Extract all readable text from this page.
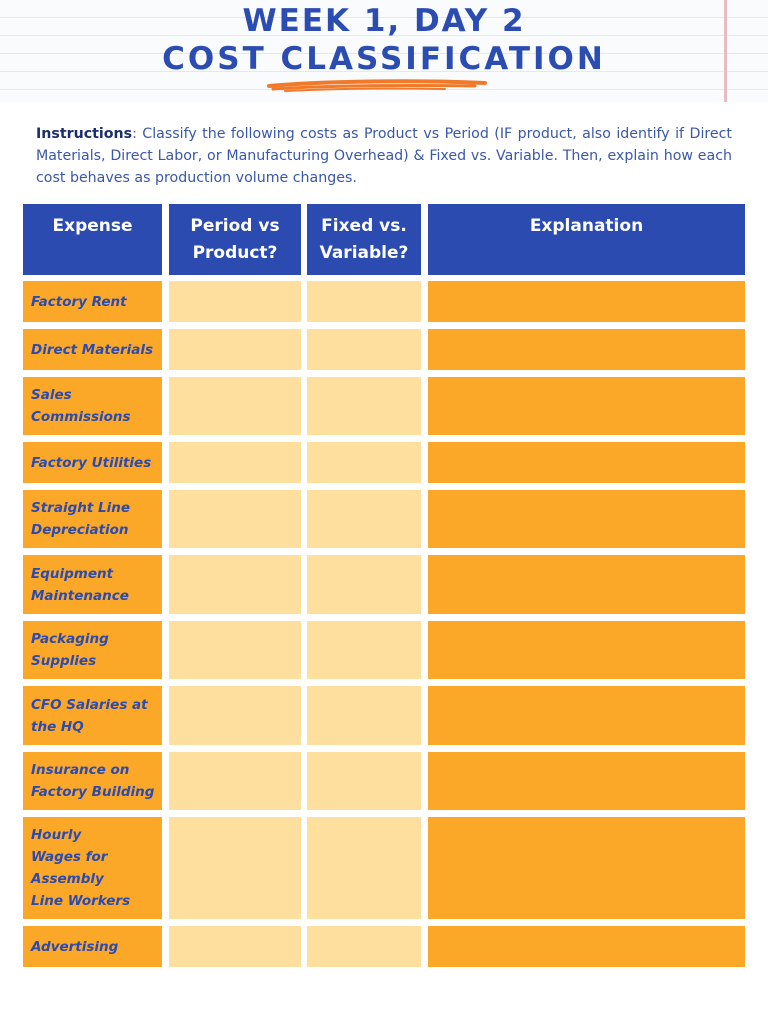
WEEK 1, DAY 2
COST CLASSIFICATION
Instructions: Classify the following costs as Product vs Period (IF product, also identify if Direct Materials, Direct Labor, or Manufacturing Overhead) & Fixed vs. Variable. Then, explain how each cost behaves as production volume changes.
Expense	Period vs Product?
Fixed vs. Variable?
Explanation
Factory Rent
Direct Materials
Sales Commissions
Factory Utilities
Straight Line Depreciation
Equipment Maintenance
Packaging Supplies
CFO Salaries at the HQ
Insurance on Factory Building
Hourly Wages for Assembly Line Workers
Advertising
